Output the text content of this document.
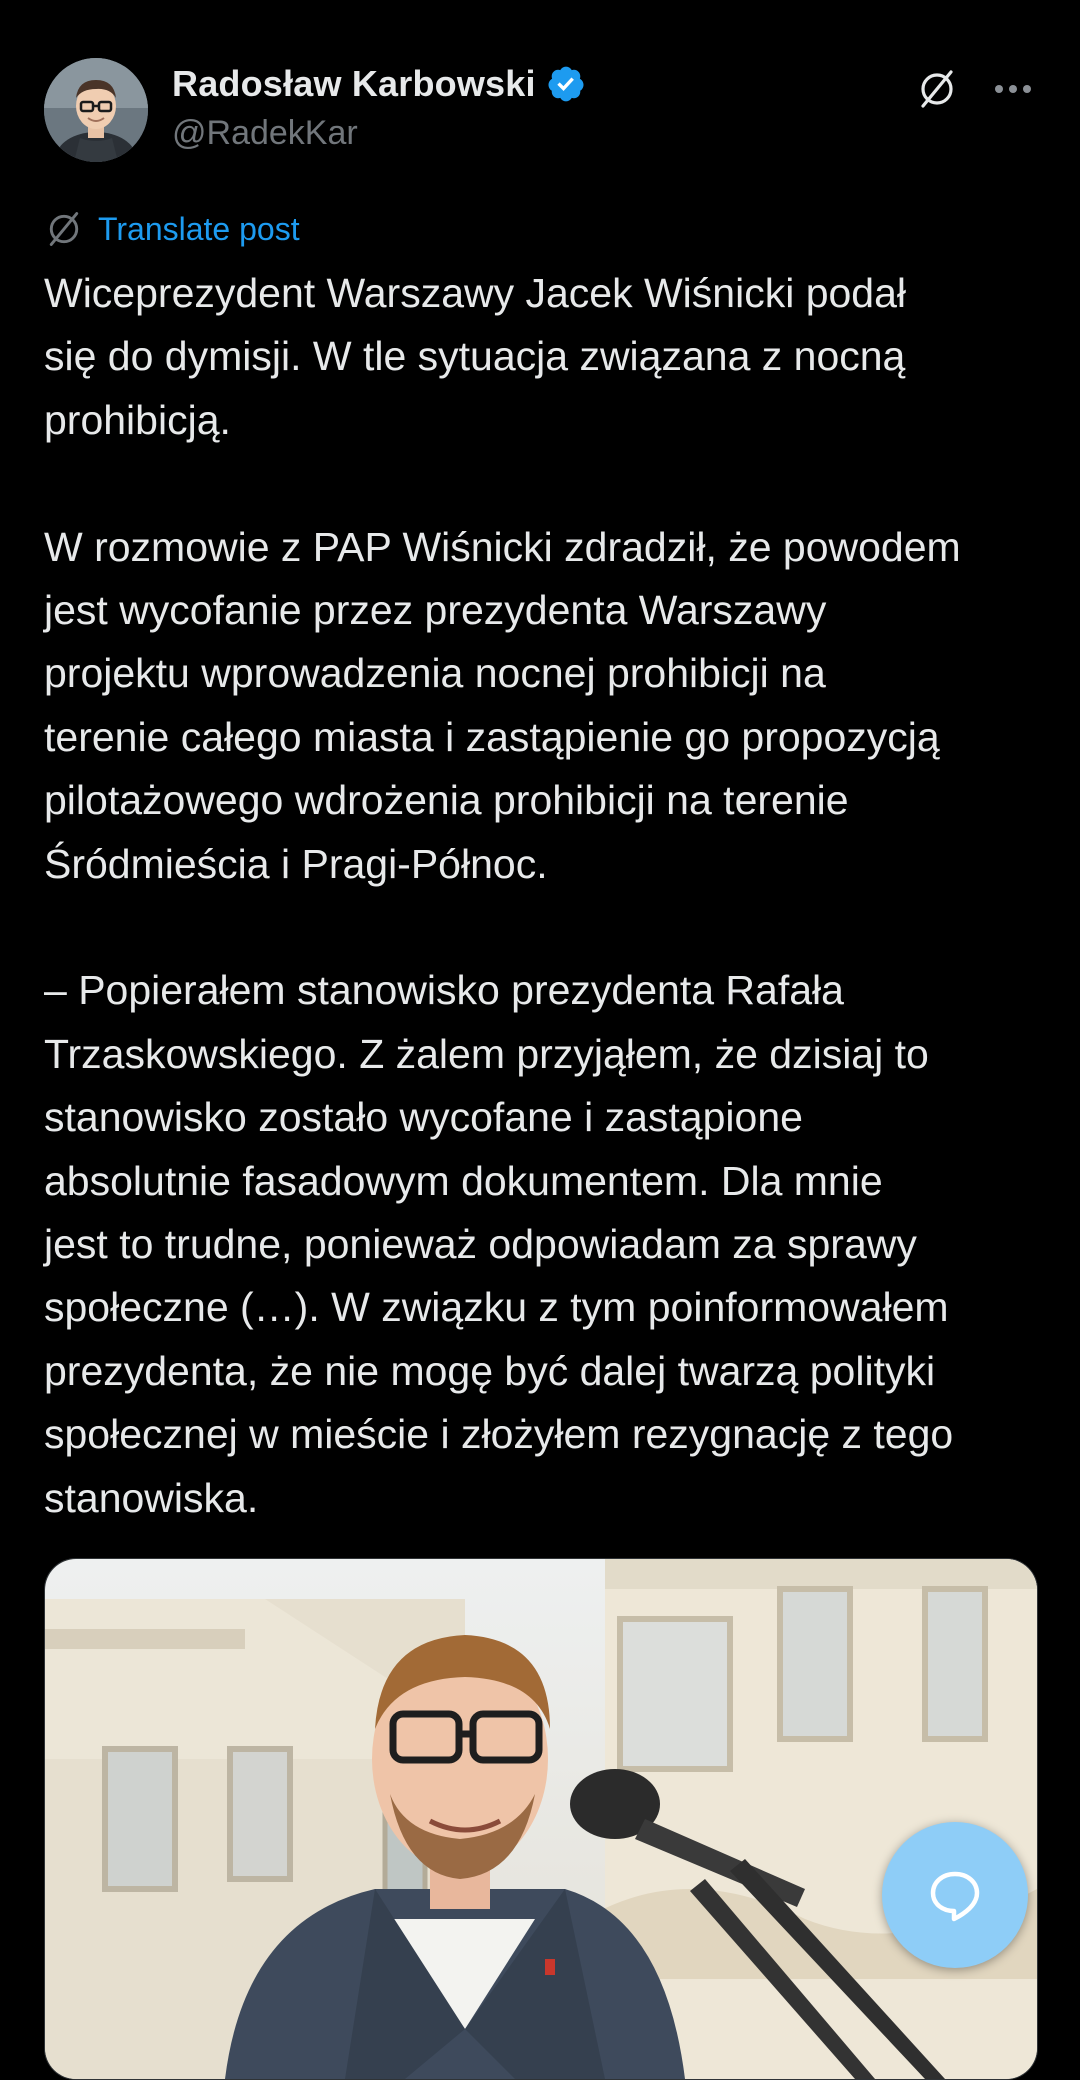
Radosław Karbowski
@RadekKar
Translate post

Wiceprezydent Warszawy Jacek Wiśnicki podał
się do dymisji. W tle sytuacja związana z nocną
prohibicją.

W rozmowie z PAP Wiśnicki zdradził, że powodem
jest wycofanie przez prezydenta Warszawy
projektu wprowadzenia nocnej prohibicji na
terenie całego miasta i zastąpienie go propozycją
pilotażowego wdrożenia prohibicji na terenie
Śródmieścia i Pragi-Północ.

– Popierałem stanowisko prezydenta Rafała
Trzaskowskiego. Z żalem przyjąłem, że dzisiaj to
stanowisko zostało wycofane i zastąpione
absolutnie fasadowym dokumentem. Dla mnie
jest to trudne, ponieważ odpowiadam za sprawy
społeczne (…). W związku z tym poinformowałem
prezydenta, że nie mogę być dalej twarzą polityki
społecznej w mieście i złożyłem rezygnację z tego
stanowiska.
